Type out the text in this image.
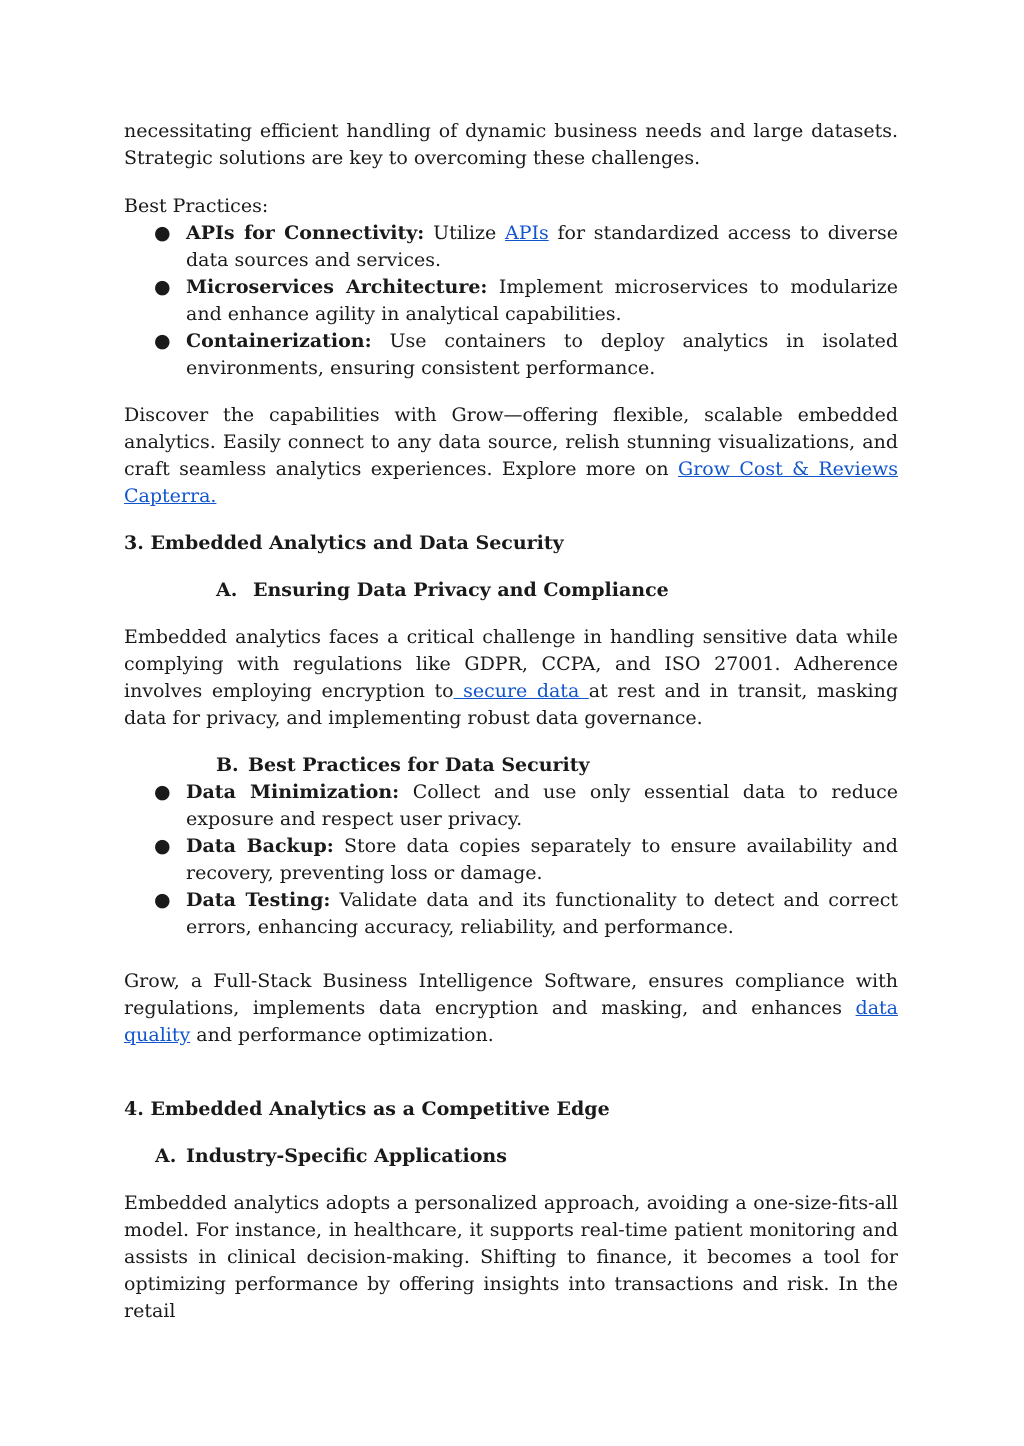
necessitating efficient handling of dynamic business needs and large datasets.

Strategic solutions are key to overcoming these challenges.

Best Practices:

● APIs for Connectivity: Utilize APIs for standardized access to diverse data sources and services.
● Microservices Architecture: Implement microservices to modularize and enhance agility in analytical capabilities.
● Containerization: Use containers to deploy analytics in isolated environments, ensuring consistent performance.

Discover the capabilities with Grow—offering flexible, scalable embedded analytics. Easily connect to any data source, relish stunning visualizations, and craft seamless analytics experiences. Explore more on Grow Cost & Reviews Capterra.

3. Embedded Analytics and Data Security
A. Ensuring Data Privacy and Compliance

Embedded analytics faces a critical challenge in handling sensitive data while complying with regulations like GDPR, CCPA, and ISO 27001. Adherence involves employing encryption to secure data at rest and in transit, masking data for privacy, and implementing robust data governance.

B. Best Practices for Data Security
● Data Minimization: Collect and use only essential data to reduce exposure and respect user privacy.
● Data Backup: Store data copies separately to ensure availability and recovery, preventing loss or damage.
● Data Testing: Validate data and its functionality to detect and correct errors, enhancing accuracy, reliability, and performance.

Grow, a Full-Stack Business Intelligence Software, ensures compliance with regulations, implements data encryption and masking, and enhances data quality and performance optimization.

4. Embedded Analytics as a Competitive Edge
A. Industry-Specific Applications

Embedded analytics adopts a personalized approach, avoiding a one-size-fits-all model. For instance, in healthcare, it supports real-time patient monitoring and assists in clinical decision-making. Shifting to finance, it becomes a tool for optimizing performance by offering insights into transactions and risk. In the retail
